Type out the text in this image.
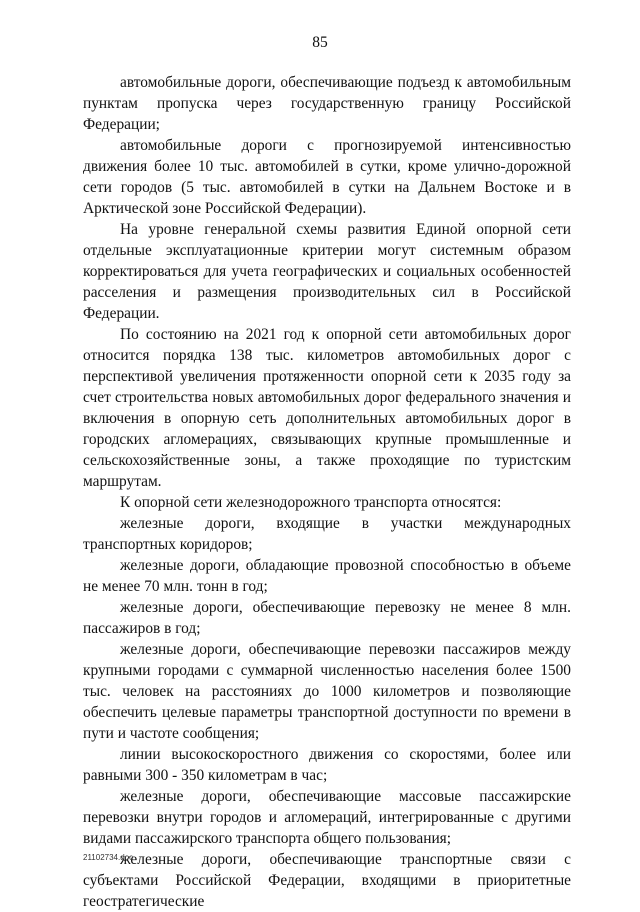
85

автомобильные дороги, обеспечивающие подъезд к автомобильным пунктам пропуска через государственную границу Российской Федерации;

автомобильные дороги с прогнозируемой интенсивностью движения более 10 тыс. автомобилей в сутки, кроме улично-дорожной сети городов (5 тыс. автомобилей в сутки на Дальнем Востоке и в Арктической зоне Российской Федерации).

На уровне генеральной схемы развития Единой опорной сети отдельные эксплуатационные критерии могут системным образом корректироваться для учета географических и социальных особенностей расселения и размещения производительных сил в Российской Федерации.

По состоянию на 2021 год к опорной сети автомобильных дорог относится порядка 138 тыс. километров автомобильных дорог с перспективой увеличения протяженности опорной сети к 2035 году за счет строительства новых автомобильных дорог федерального значения и включения в опорную сеть дополнительных автомобильных дорог в городских агломерациях, связывающих крупные промышленные и сельскохозяйственные зоны, а также проходящие по туристским маршрутам.

К опорной сети железнодорожного транспорта относятся:

железные дороги, входящие в участки международных транспортных коридоров;

железные дороги, обладающие провозной способностью в объеме не менее 70 млн. тонн в год;

железные дороги, обеспечивающие перевозку не менее 8 млн. пассажиров в год;

железные дороги, обеспечивающие перевозки пассажиров между крупными городами с суммарной численностью населения более 1500 тыс. человек на расстояниях до 1000 километров и позволяющие обеспечить целевые параметры транспортной доступности по времени в пути и частоте сообщения;

линии высокоскоростного движения со скоростями, более или равными 300 - 350 километрам в час;

железные дороги, обеспечивающие массовые пассажирские перевозки внутри городов и агломераций, интегрированные с другими видами пассажирского транспорта общего пользования;

железные дороги, обеспечивающие транспортные связи с субъектами Российской Федерации, входящими в приоритетные геостратегические

21102734.doc
